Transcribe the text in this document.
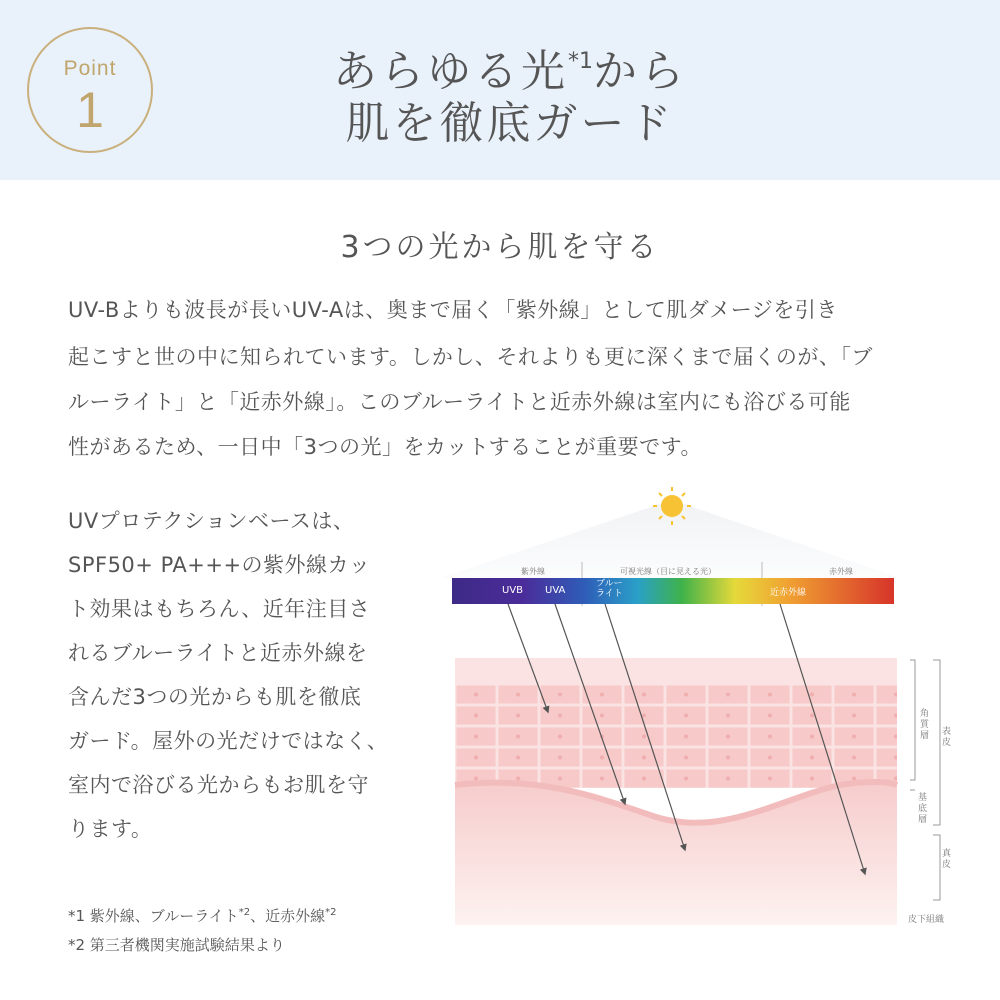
Point
1
あらゆる光$^{*1}$から
肌を徹底ガード
3つの光から肌を守る

UV-Bよりも波長が長いUV-Aは、奥まで届く「紫外線」として肌ダメージを引き

起こすと世の中に知られています。しかし、それよりも更に深くまで届くのが、「ブ

ルーライト」と「近赤外線」。このブルーライトと近赤外線は室内にも浴びる可能

性があるため、一日中「3つの光」をカットすることが重要です。

UVプロテクションベースは、

SPF50+ PA+++の紫外線カッ

ト効果はもちろん、近年注目さ

れるブルーライトと近赤外線を

含んだ3つの光からも肌を徹底

ガード。屋外の光だけではなく、

室内で浴びる光からもお肌を守

ります。

*1 紫外線、ブルーライト$^{*2}$、近赤外線$^{*2}$

*2 第三者機関実施試験結果より

紫外線	可視光線（目に見える光）	赤外線
UVB UVA
ブルー
ライト	近赤外線
角質層 表皮
基底層
真皮
皮下組織
